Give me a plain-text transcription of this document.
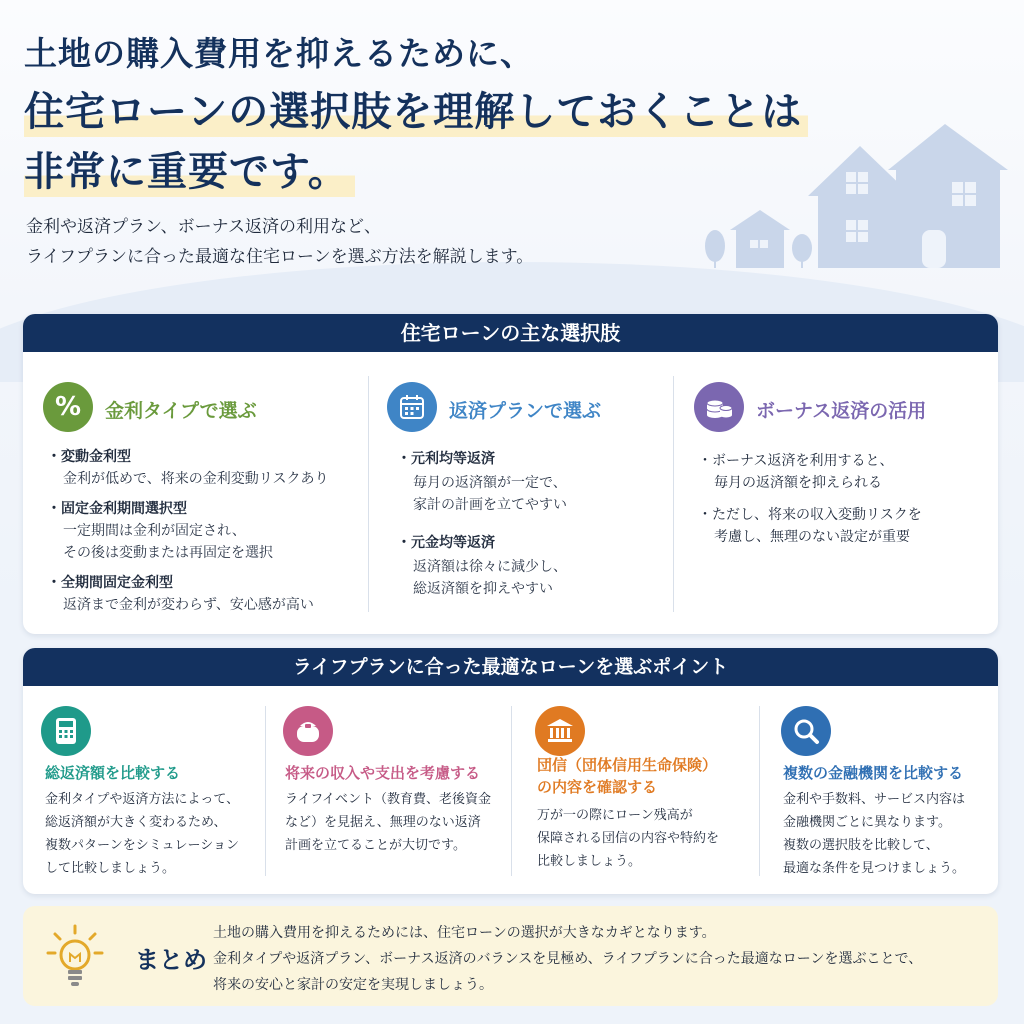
土地の購入費用を抑えるために、
住宅ローンの選択肢を理解しておくことは
非常に重要です。
金利や返済プラン、ボーナス返済の利用など、
ライフプランに合った最適な住宅ローンを選ぶ方法を解説します。
住宅ローンの主な選択肢
% 金利タイプで選ぶ
・変動金利型
金利が低めで、将来の金利変動リスクあり
・固定金利期間選択型
一定期間は金利が固定され、
その後は変動または再固定を選択
・全期間固定金利型
返済まで金利が変わらず、安心感が高い
返済プランで選ぶ
・元利均等返済
毎月の返済額が一定で、
家計の計画を立てやすい
・元金均等返済
返済額は徐々に減少し、
総返済額を抑えやすい
ボーナス返済の活用
・ボーナス返済を利用すると、
毎月の返済額を抑えられる
・ただし、将来の収入変動リスクを
考慮し、無理のない設定が重要
ライフプランに合った最適なローンを選ぶポイント
総返済額を比較する
金利タイプや返済方法によって、
総返済額が大きく変わるため、
複数パターンをシミュレーション
して比較しましょう。
将来の収入や支出を考慮する
ライフイベント（教育費、老後資金
など）を見据え、無理のない返済
計画を立てることが大切です。
団信（団体信用生命保険）
の内容を確認する
万が一の際にローン残高が
保障される団信の内容や特約を
比較しましょう。
複数の金融機関を比較する
金利や手数料、サービス内容は
金融機関ごとに異なります。
複数の選択肢を比較して、
最適な条件を見つけましょう。
まとめ
土地の購入費用を抑えるためには、住宅ローンの選択が大きなカギとなります。
金利タイプや返済プラン、ボーナス返済のバランスを見極め、ライフプランに合った最適なローンを選ぶことで、
将来の安心と家計の安定を実現しましょう。
